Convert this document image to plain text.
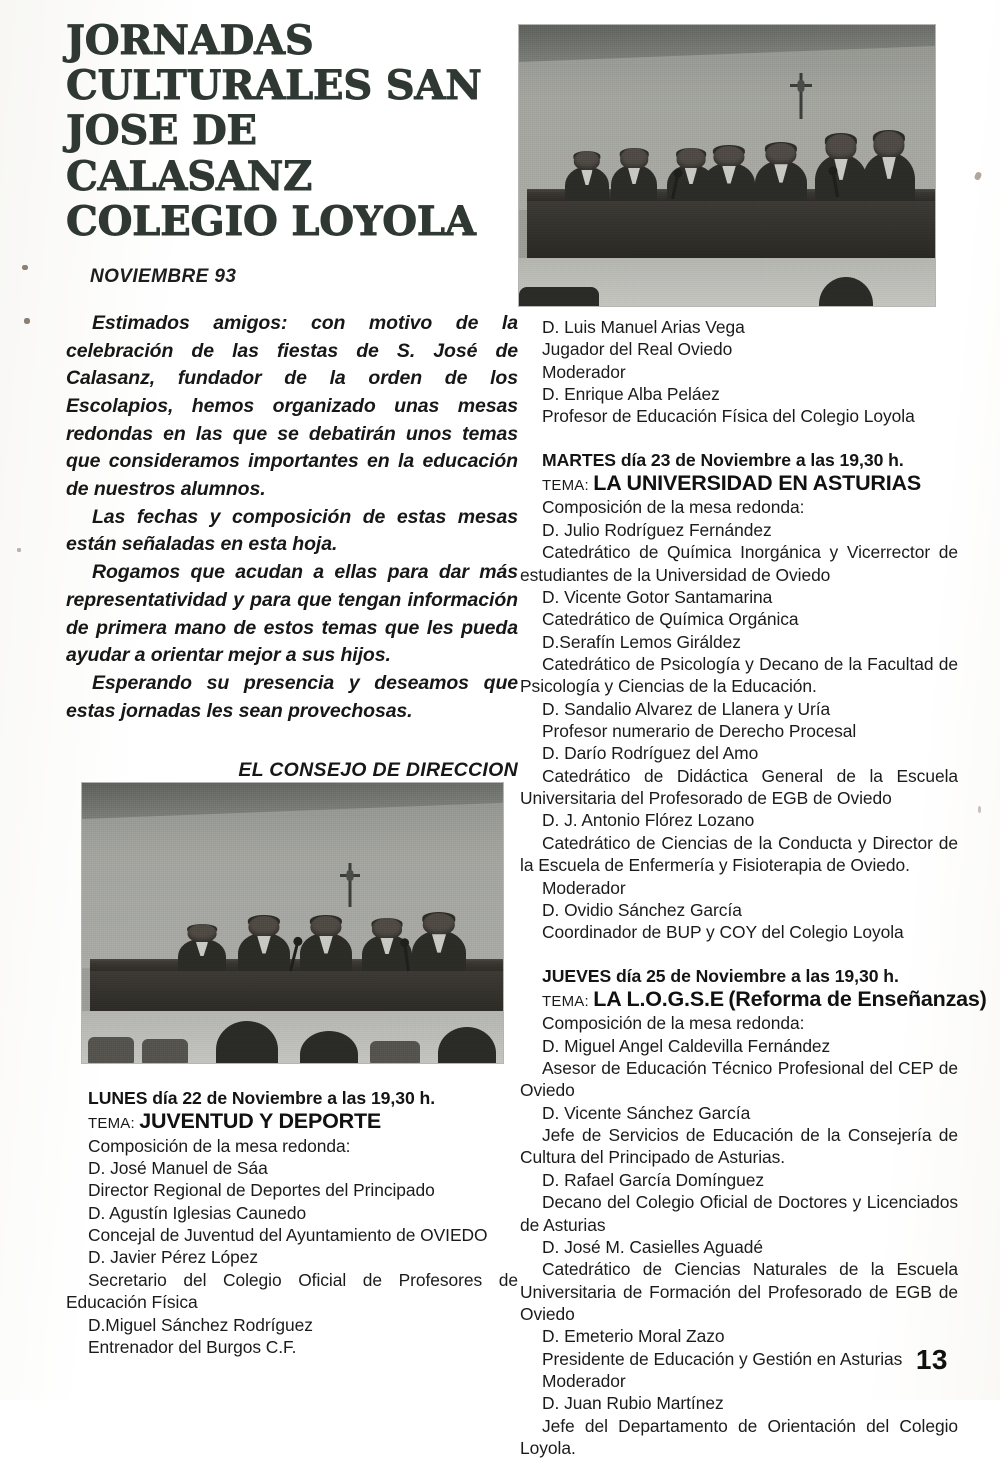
JORNADAS
CULTURALES SAN
JOSE DE
CALASANZ
COLEGIO LOYOLA
NOVIEMBRE 93

Estimados amigos: con motivo de la celebración de las fiestas de S. José de Calasanz, fundador de la orden de los Escolapios, hemos organizado unas mesas redondas en las que se debatirán unos temas que consideramos importantes en la educación de nuestros alumnos.

Las fechas y composición de estas mesas están señaladas en esta hoja.

Rogamos que acudan a ellas para dar más representatividad y para que tengan información de primera mano de estos temas que les pueda ayudar a orientar mejor a sus hijos.

Esperando su presencia y deseamos que estas jornadas les sean provechosas.

EL CONSEJO DE DIRECCION
LUNES día 22 de Noviembre a las 19,30 h.
TEMA: JUVENTUD Y DEPORTE

Composición de la mesa redonda:

D. José Manuel de Sáa

Director Regional de Deportes del Principado

D. Agustín Iglesias Caunedo

Concejal de Juventud del Ayuntamiento de OVIEDO

D. Javier Pérez López

Secretario del Colegio Oficial de Profesores de Educación Física

D.Miguel Sánchez Rodríguez

Entrenador del Burgos C.F.

D. Luis Manuel Arias Vega

Jugador del Real Oviedo

Moderador

D. Enrique Alba Peláez

Profesor de Educación Física del Colegio Loyola

MARTES día 23 de Noviembre a las 19,30 h.
TEMA: LA UNIVERSIDAD EN ASTURIAS

Composición de la mesa redonda:

D. Julio Rodríguez Fernández

Catedrático de Química Inorgánica y Vicerrector de estudiantes de la Universidad de Oviedo

D. Vicente Gotor Santamarina

Catedrático de Química Orgánica

D.Serafín Lemos Giráldez

Catedrático de Psicología y Decano de la Facultad de Psicología y Ciencias de la Educación.

D. Sandalio Alvarez de Llanera y Uría

Profesor numerario de Derecho Procesal

D. Darío Rodríguez del Amo

Catedrático de Didáctica General de la Escuela Universitaria del Profesorado de EGB de Oviedo

D. J. Antonio Flórez Lozano

Catedrático de Ciencias de la Conducta y Director de la Escuela de Enfermería y Fisioterapia de Oviedo.

Moderador

D. Ovidio Sánchez García

Coordinador de BUP y COY del Colegio Loyola

JUEVES día 25 de Noviembre a las 19,30 h.
TEMA: LA L.O.G.S.E (Reforma de Enseñanzas)

Composición de la mesa redonda:

D. Miguel Angel Caldevilla Fernández

Asesor de Educación Técnico Profesional del CEP de Oviedo

D. Vicente Sánchez García

Jefe de Servicios de Educación de la Consejería de Cultura del Principado de Asturias.

D. Rafael García Domínguez

Decano del Colegio Oficial de Doctores y Licenciados de Asturias

D. José M. Casielles Aguadé

Catedrático de Ciencias Naturales de la Escuela Universitaria de Formación del Profesorado de EGB de Oviedo

D. Emeterio Moral Zazo

Presidente de Educación y Gestión en Asturias

Moderador

D. Juan Rubio Martínez

Jefe del Departamento de Orientación del Colegio Loyola.

13
